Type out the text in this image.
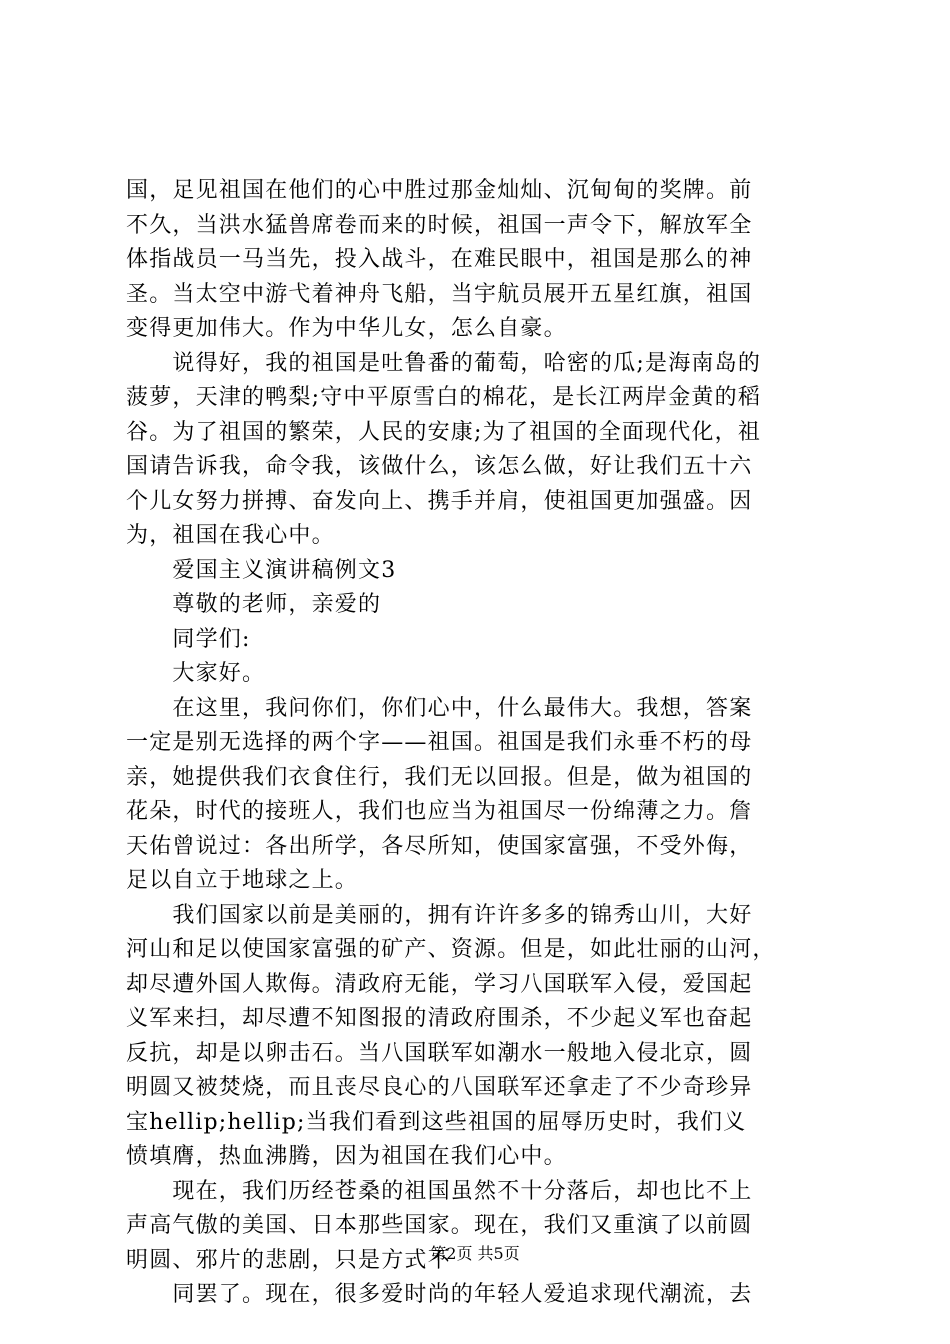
国，足见祖国在他们的心中胜过那金灿灿、沉甸甸的奖牌。前
不久，当洪水猛兽席卷而来的时候，祖国一声令下，解放军全
体指战员一马当先，投入战斗，在难民眼中，祖国是那么的神
圣。当太空中游弋着神舟飞船，当宇航员展开五星红旗，祖国
变得更加伟大。作为中华儿女，怎么自豪。
　　说得好，我的祖国是吐鲁番的葡萄，哈密的瓜;是海南岛的
菠萝，天津的鸭梨;守中平原雪白的棉花，是长江两岸金黄的稻
谷。为了祖国的繁荣，人民的安康;为了祖国的全面现代化，祖
国请告诉我，命令我，该做什么，该怎么做，好让我们五十六
个儿女努力拼搏、奋发向上、携手并肩，使祖国更加强盛。因
为，祖国在我心中。
　　爱国主义演讲稿例文3
　　尊敬的老师，亲爱的
　　同学们:
　　大家好。
　　在这里，我问你们，你们心中，什么最伟大。我想，答案
一定是别无选择的两个字——祖国。祖国是我们永垂不朽的母
亲，她提供我们衣食住行，我们无以回报。但是，做为祖国的
花朵，时代的接班人，我们也应当为祖国尽一份绵薄之力。詹
天佑曾说过：各出所学，各尽所知，使国家富强，不受外侮，
足以自立于地球之上。
　　我们国家以前是美丽的，拥有许许多多的锦秀山川，大好
河山和足以使国家富强的矿产、资源。但是，如此壮丽的山河，
却尽遭外国人欺侮。清政府无能，学习八国联军入侵，爱国起
义军来扫，却尽遭不知图报的清政府围杀，不少起义军也奋起
反抗，却是以卵击石。当八国联军如潮水一般地入侵北京，圆
明圆又被焚烧，而且丧尽良心的八国联军还拿走了不少奇珍异
宝hellip;hellip;当我们看到这些祖国的屈辱历史时，我们义
愤填膺，热血沸腾，因为祖国在我们心中。
　　现在，我们历经苍桑的祖国虽然不十分落后，却也比不上
声高气傲的美国、日本那些国家。现在，我们又重演了以前圆
明圆、邪片的悲剧，只是方式不
　　同罢了。现在，很多爱时尚的年轻人爱追求现代潮流，去
第2页 共5页
